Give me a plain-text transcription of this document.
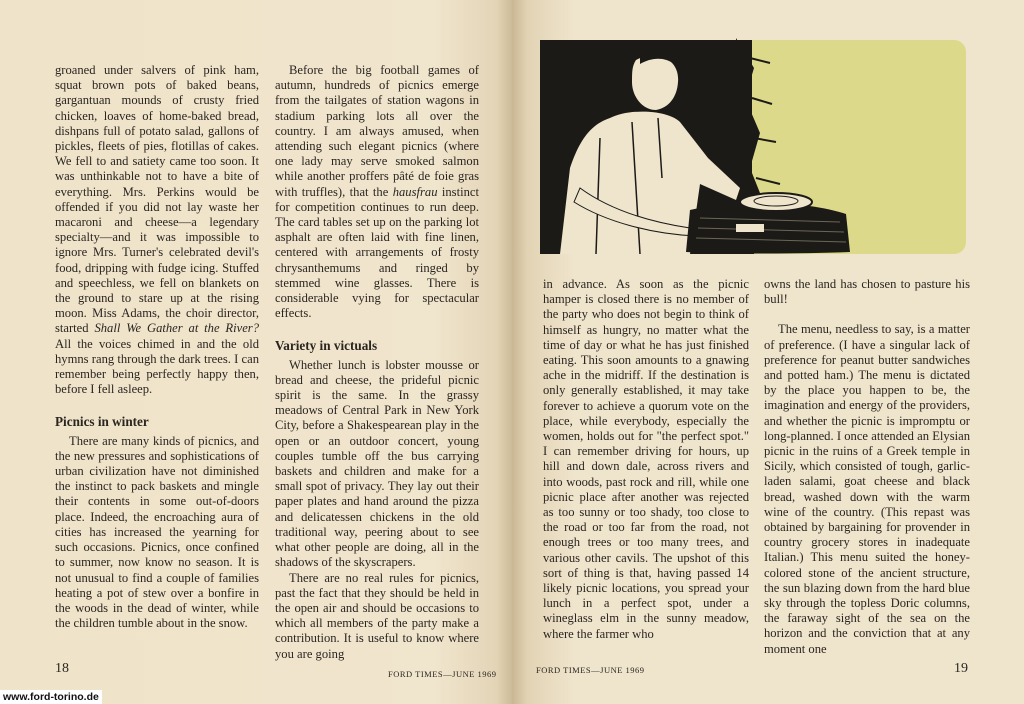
groaned under salvers of pink ham, squat brown pots of baked beans, gargantuan mounds of crusty fried chicken, loaves of home-baked bread, dishpans full of potato salad, gallons of pickles, fleets of pies, flotillas of cakes. We fell to and satiety came too soon. It was unthinkable not to have a bite of everything. Mrs. Perkins would be offended if you did not lay waste her macaroni and cheese—a legendary specialty—and it was impossible to ignore Mrs. Turner's celebrated devil's food, dripping with fudge icing. Stuffed and speechless, we fell on blankets on the ground to stare up at the rising moon. Miss Adams, the choir director, started Shall We Gather at the River? All the voices chimed in and the old hymns rang through the dark trees. I can remember being perfectly happy then, before I fell asleep.

Picnics in winter

There are many kinds of picnics, and the new pressures and sophistications of urban civilization have not diminished the instinct to pack baskets and mingle their contents in some out-of-doors place. Indeed, the encroaching aura of cities has increased the yearning for such occasions. Picnics, once confined to summer, now know no season. It is not unusual to find a couple of families heating a pot of stew over a bonfire in the woods in the dead of winter, while the children tumble about in the snow.

Before the big football games of autumn, hundreds of picnics emerge from the tailgates of station wagons in stadium parking lots all over the country. I am always amused, when attending such elegant picnics (where one lady may serve smoked salmon while another proffers pâté de foie gras with truffles), that the hausfrau instinct for competition continues to run deep. The card tables set up on the parking lot asphalt are often laid with fine linen, centered with arrangements of frosty chrysanthemums and ringed by stemmed wine glasses. There is considerable vying for spectacular effects.

Variety in victuals

Whether lunch is lobster mousse or bread and cheese, the prideful picnic spirit is the same. In the grassy meadows of Central Park in New York City, before a Shakespearean play in the open or an outdoor concert, young couples tumble off the bus carrying baskets and children and make for a small spot of privacy. They lay out their paper plates and hand around the pizza and delicatessen chickens in the old traditional way, peering about to see what other people are doing, all in the shadows of the skyscrapers.

There are no real rules for picnics, past the fact that they should be held in the open air and should be occasions to which all members of the party make a contribution. It is useful to know where you are going

18	FORD TIMES—JUNE 1969

in advance. As soon as the picnic hamper is closed there is no member of the party who does not begin to think of himself as hungry, no matter what the time of day or what he has just finished eating. This soon amounts to a gnawing ache in the midriff. If the destination is only generally established, it may take forever to achieve a quorum vote on the place, while everybody, especially the women, holds out for "the perfect spot." I can remember driving for hours, up hill and down dale, across rivers and into woods, past rock and rill, while one picnic place after another was rejected as too sunny or too shady, too close to the road or too far from the road, not enough trees or too many trees, and various other cavils. The upshot of this sort of thing is that, having passed 14 likely picnic locations, you spread your lunch in a perfect spot, under a wineglass elm in the sunny meadow, where the farmer who

owns the land has chosen to pasture his bull!

The menu, needless to say, is a matter of preference. (I have a singular lack of preference for peanut butter sandwiches and potted ham.) The menu is dictated by the place you happen to be, the imagination and energy of the providers, and whether the picnic is impromptu or long-planned. I once attended an Elysian picnic in the ruins of a Greek temple in Sicily, which consisted of tough, garlic-laden salami, goat cheese and black bread, washed down with the warm wine of the country. (This repast was obtained by bargaining for provender in country grocery stores in inadequate Italian.) This menu suited the honey-colored stone of the ancient structure, the sun blazing down from the hard blue sky through the topless Doric columns, the faraway sight of the sea on the horizon and the conviction that at any moment one

FORD TIMES—JUNE 1969	19
www.ford-torino.de
